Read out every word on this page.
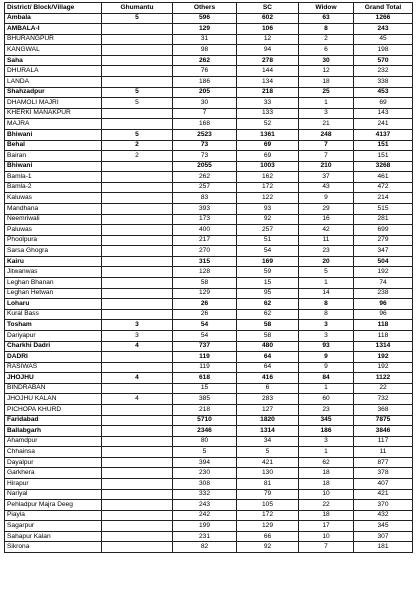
District/ Block/Village	Ghumantu	Others	SC	Widow	Grand Total
Ambala	5	596	602	63	1266
AMBALA-I		129	106	8	243
BHURANGPUR		31	12	2	45
KANGWAL		98	94	6	198
Saha		262	278	30	570
DHURALA		76	144	12	232
LANDA		186	134	18	338
Shahzadpur	5	205	218	25	453
DHAMOLI MAJRI	5	30	33	1	69
KHERKI MANAKPUR		7	133	3	143
MAJRA		168	52	21	241
Bhiwani	5	2523	1361	248	4137
Behal	2	73	69	7	151
Bairan	2	73	69	7	151
Bhiwani		2055	1003	210	3268
Bamla-1		262	162	37	461
Bamla-2		257	172	43	472
Kaluwas		83	122	9	214
Mandhana		393	93	29	515
Neemriwali		173	92	16	281
Paluwas		400	257	42	699
Phoolpura		217	51	11	279
Sarsa Ghogra		270	54	23	347
Kairu		315	169	20	504
Jitwanwas		128	59	5	192
Leghan Bhanan		58	15	1	74
Leghan Hetwan		129	95	14	238
Loharu		26	62	8	96
Kural Bass		26	62	8	96
Tosham	3	54	58	3	118
Dariyapur	3	54	58	3	118
Charkhi Dadri	4	737	480	93	1314
DADRI		119	64	9	192
RASIWAS		119	64	9	192
JHOJHU	4	618	416	84	1122
BINDRABAN		15	6	1	22
JHOJHU KALAN	4	385	283	60	732
PICHOPA KHURD		218	127	23	368
Faridabad		5710	1820	345	7875
Ballabgarh		2346	1314	186	3846
Ahamdpur		80	34	3	117
Chhainsa		5	5	1	11
Dayalpur		394	421	62	877
Garkhera		230	130	18	378
Hirapur		308	81	18	407
Nariyal		332	79	10	421
Pehladpur Majra Deeg		243	105	22	370
Piayla		242	172	18	432
Sagarpur		199	129	17	345
Sahapur Kalan		231	66	10	307
Sikrona		82	92	7	181
